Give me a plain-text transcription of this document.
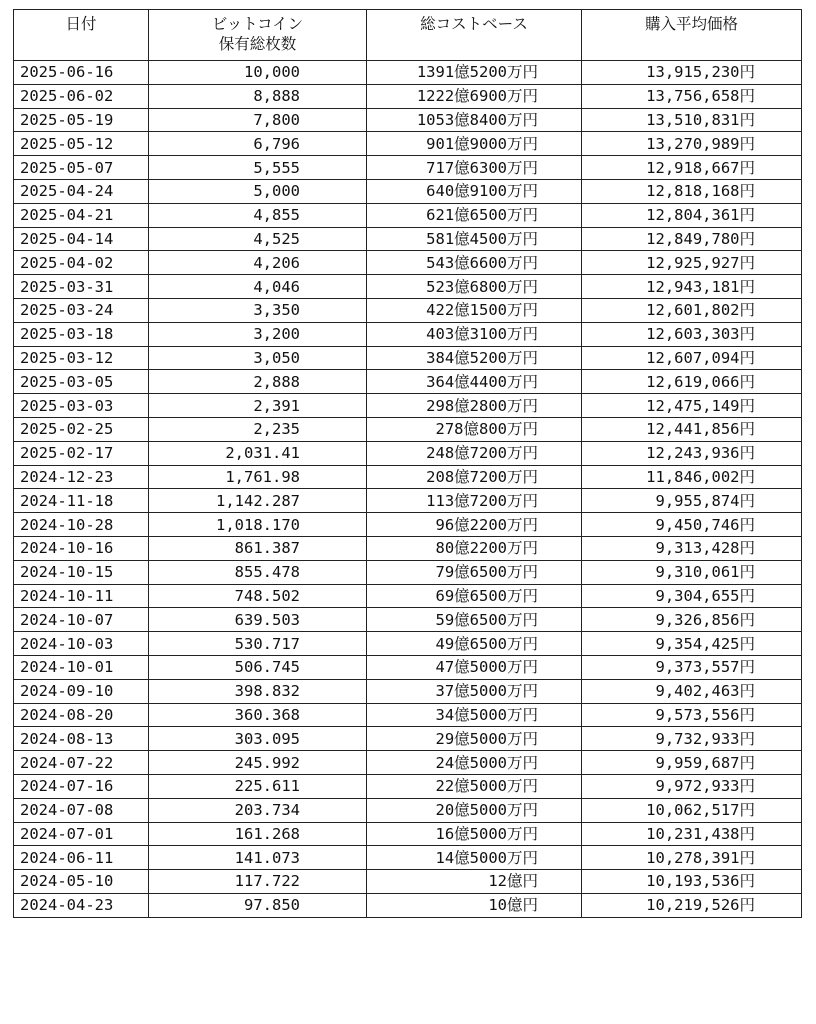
日付	ビットコイン
保有総枚数	総コストベース	購入平均価格

2025-06-16	10,000	1391億5200万円	13,915,230円
2025-06-02	8,888	1222億6900万円	13,756,658円
2025-05-19	7,800	1053億8400万円	13,510,831円
2025-05-12	6,796	901億9000万円	13,270,989円
2025-05-07	5,555	717億6300万円	12,918,667円
2025-04-24	5,000	640億9100万円	12,818,168円
2025-04-21	4,855	621億6500万円	12,804,361円
2025-04-14	4,525	581億4500万円	12,849,780円
2025-04-02	4,206	543億6600万円	12,925,927円
2025-03-31	4,046	523億6800万円	12,943,181円
2025-03-24	3,350	422億1500万円	12,601,802円
2025-03-18	3,200	403億3100万円	12,603,303円
2025-03-12	3,050	384億5200万円	12,607,094円
2025-03-05	2,888	364億4400万円	12,619,066円
2025-03-03	2,391	298億2800万円	12,475,149円
2025-02-25	2,235	278億800万円	12,441,856円
2025-02-17	2,031.41	248億7200万円	12,243,936円
2024-12-23	1,761.98	208億7200万円	11,846,002円
2024-11-18	1,142.287	113億7200万円	9,955,874円
2024-10-28	1,018.170	96億2200万円	9,450,746円
2024-10-16	861.387	80億2200万円	9,313,428円
2024-10-15	855.478	79億6500万円	9,310,061円
2024-10-11	748.502	69億6500万円	9,304,655円
2024-10-07	639.503	59億6500万円	9,326,856円
2024-10-03	530.717	49億6500万円	9,354,425円
2024-10-01	506.745	47億5000万円	9,373,557円
2024-09-10	398.832	37億5000万円	9,402,463円
2024-08-20	360.368	34億5000万円	9,573,556円
2024-08-13	303.095	29億5000万円	9,732,933円
2024-07-22	245.992	24億5000万円	9,959,687円
2024-07-16	225.611	22億5000万円	9,972,933円
2024-07-08	203.734	20億5000万円	10,062,517円
2024-07-01	161.268	16億5000万円	10,231,438円
2024-06-11	141.073	14億5000万円	10,278,391円
2024-05-10	117.722	12億円	10,193,536円
2024-04-23	97.850	10億円	10,219,526円
